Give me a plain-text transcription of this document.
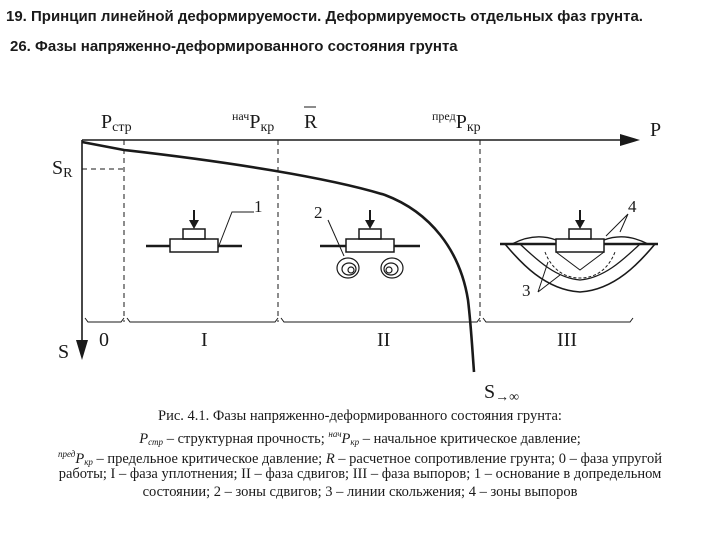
19. Принцип линейной деформируемости. Деформируемость отдельных фаз грунта.
26. Фазы напряженно-деформированного состояния грунта
P
S
Pстр
$^{нач}$Pкр R	$^{пред}$Pкр
SR
S→∞
0	I	II	III
1	2	4
3
Рис. 4.1. Фазы напряженно-деформированного состояния грунта:
$P_{стр}$ – структурная прочность; $^{нач}P_{кр}$ – начальное критическое давление;
$^{пред}P_{кр}$ – предельное критическое давление; R – расчетное сопротивление грунта; 0 – фазa упругой
работы; I – фаза уплотнения; II – фаза сдвигов; III – фаза выпоров; 1 – основание в допредельном
состоянии; 2 – зоны сдвигов; 3 – линии скольжения; 4 – зоны выпоров
